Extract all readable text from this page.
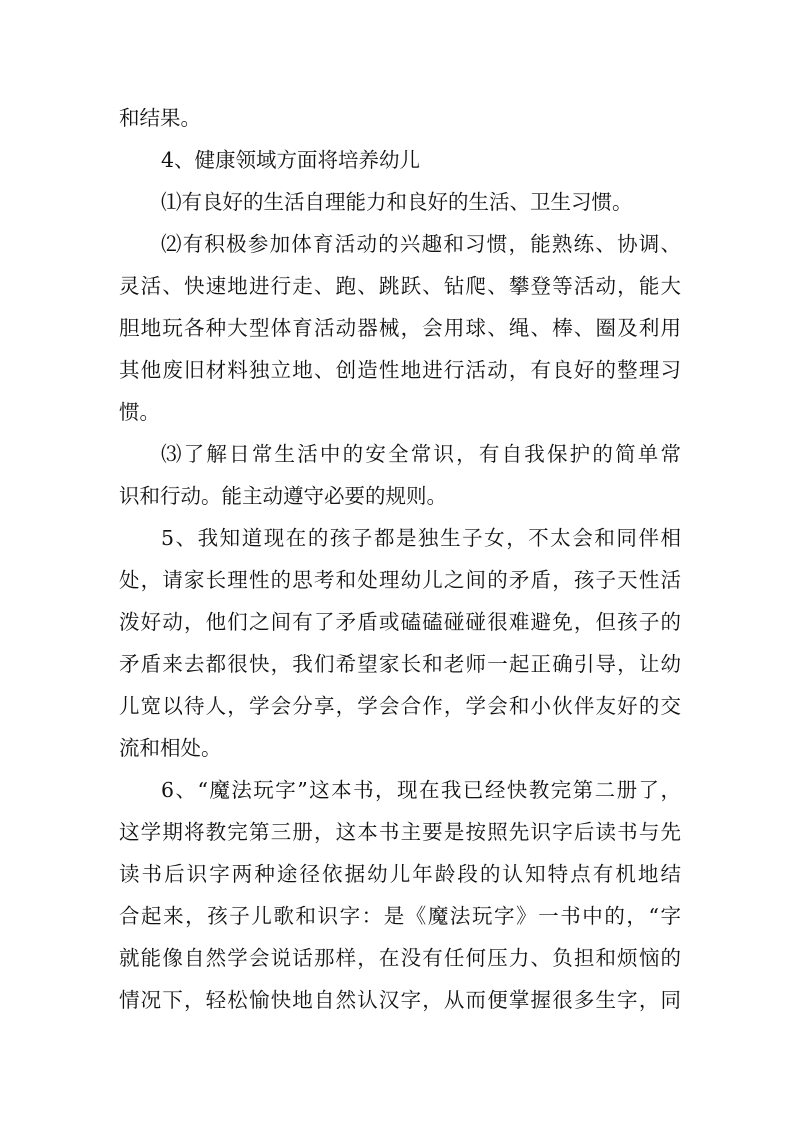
和结果。

4、健康领域方面将培养幼儿

⑴有良好的生活自理能力和良好的生活、卫生习惯。

⑵有积极参加体育活动的兴趣和习惯，能熟练、协调、

灵活、快速地进行走、跑、跳跃、钻爬、攀登等活动，能大

胆地玩各种大型体育活动器械，会用球、绳、棒、圈及利用

其他废旧材料独立地、创造性地进行活动，有良好的整理习

惯。

⑶了解日常生活中的安全常识，有自我保护的简单常

识和行动。能主动遵守必要的规则。

5、我知道现在的孩子都是独生子女，不太会和同伴相

处，请家长理性的思考和处理幼儿之间的矛盾，孩子天性活

泼好动，他们之间有了矛盾或磕磕碰碰很难避免，但孩子的

矛盾来去都很快，我们希望家长和老师一起正确引导，让幼

儿宽以待人，学会分享，学会合作，学会和小伙伴友好的交

流和相处。

6、“魔法玩字”这本书，现在我已经快教完第二册了，

这学期将教完第三册，这本书主要是按照先识字后读书与先

读书后识字两种途径依据幼儿年龄段的认知特点有机地结

合起来，孩子儿歌和识字：是《魔法玩字》一书中的，“字

就能像自然学会说话那样，在没有任何压力、负担和烦恼的

情况下，轻松愉快地自然认汉字，从而便掌握很多生字，同
